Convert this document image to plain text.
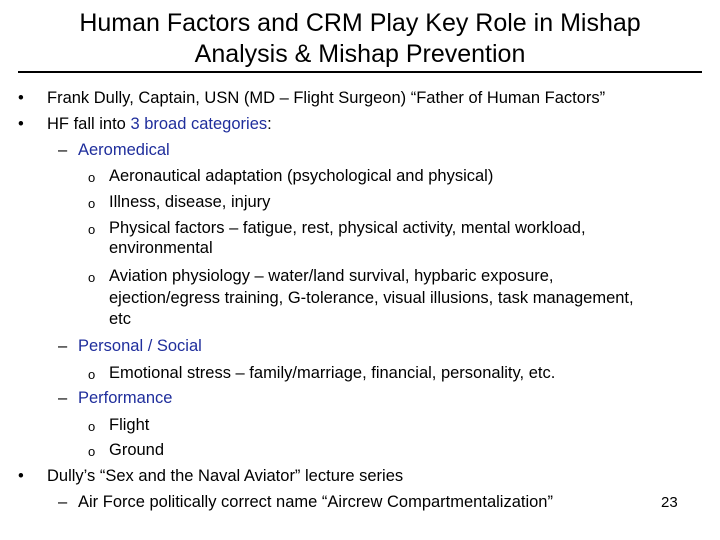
Human Factors and CRM Play Key Role in Mishap
Analysis & Mishap Prevention
• Frank Dully, Captain, USN (MD – Flight Surgeon) “Father of Human Factors”
• HF fall into 3 broad categories:
– Aeromedical
o Aeronautical adaptation (psychological and physical)
o Illness, disease, injury
o Physical factors – fatigue, rest, physical activity, mental workload,
environmental
o Aviation physiology – water/land survival, hypbaric exposure,
ejection/egress training, G-tolerance, visual illusions, task management,
etc
– Personal / Social
o Emotional stress – family/marriage, financial, personality, etc.
– Performance
o Flight
o Ground
• Dully’s “Sex and the Naval Aviator” lecture series
– Air Force politically correct name “Aircrew Compartmentalization”	23
